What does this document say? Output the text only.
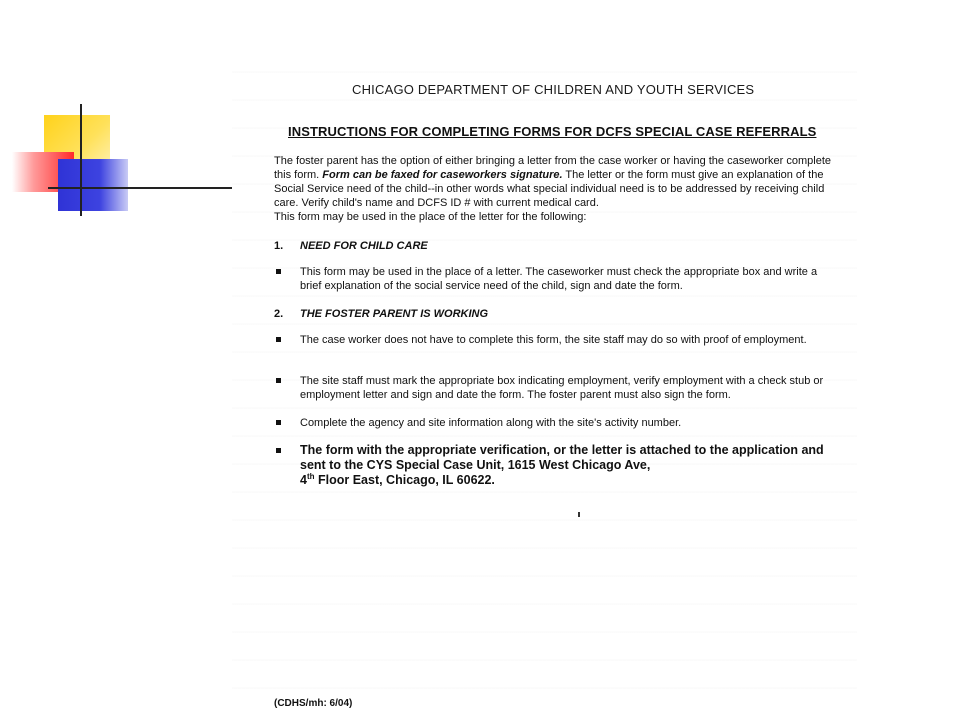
CHICAGO DEPARTMENT OF CHILDREN AND YOUTH SERVICES
INSTRUCTIONS FOR COMPLETING FORMS FOR DCFS SPECIAL CASE REFERRALS
The foster parent has the option of either bringing a letter from the case worker or having the caseworker complete this form. Form can be faxed for caseworkers signature. The letter or the form must give an explanation of the Social Service need of the child--in other words what special individual need is to be addressed by receiving child care. Verify child's name and DCFS ID # with current medical card.
This form may be used in the place of the letter for the following:
1. NEED FOR CHILD CARE
This form may be used in the place of a letter. The caseworker must check the appropriate box and write a brief explanation of the social service need of the child, sign and date the form.
2. THE FOSTER PARENT IS WORKING
The case worker does not have to complete this form, the site staff may do so with proof of employment.
The site staff must mark the appropriate box indicating employment, verify employment with a check stub or employment letter and sign and date the form. The foster parent must also sign the form.
Complete the agency and site information along with the site's activity number.
The form with the appropriate verification, or the letter is attached to the application and sent to the CYS Special Case Unit, 1615 West Chicago Ave,
4th Floor East, Chicago, IL 60622.
(CDHS/mh: 6/04)
